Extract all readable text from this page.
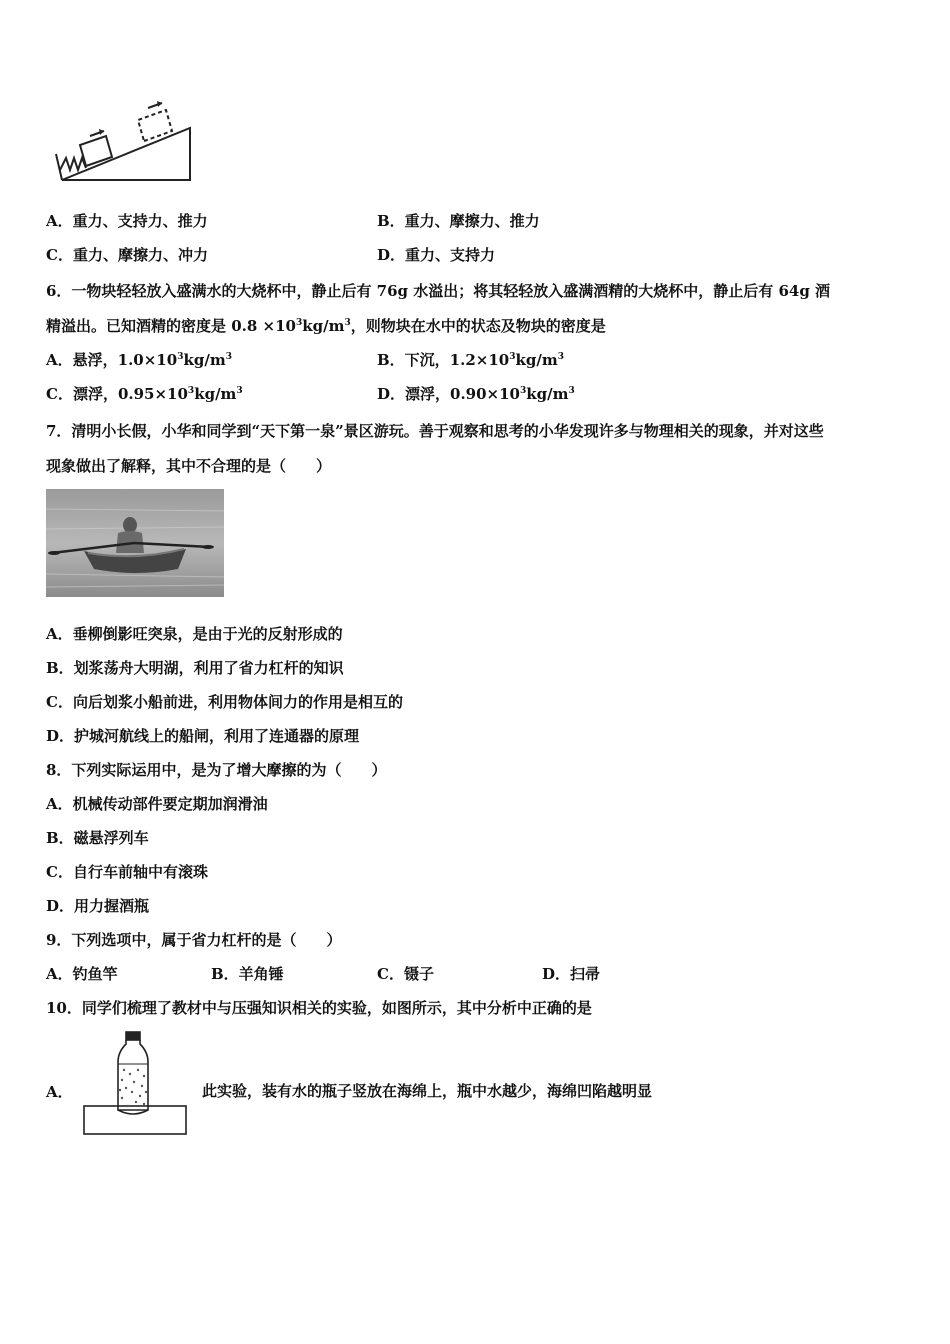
A．重力、支持力、推力	B．重力、摩擦力、推力
C．重力、摩擦力、冲力	D．重力、支持力
6．一物块轻轻放入盛满水的大烧杯中，静止后有 76g 水溢出；将其轻轻放入盛满酒精的大烧杯中，静止后有 64g 酒
精溢出。已知酒精的密度是 $0.8 \times 10^3kg/m^3$，则物块在水中的状态及物块的密度是
A．悬浮，$1.0\times 10^3kg/m^3$	B．下沉，$1.2\times 10^3kg/m^3$
C．漂浮，$0.95\times 10^3kg/m^3$	D．漂浮，$0.90\times 10^3kg/m^3$
7．清明小长假，小华和同学到“天下第一泉”景区游玩。善于观察和思考的小华发现许多与物理相关的现象，并对这些
现象做出了解释，其中不合理的是（　　）
A．垂柳倒影㕵突泉，是由于光的反射形成的
B．划浆荡舟大明湖，利用了省力杠杆的知识
C．向后划浆小船前进，利用物体间力的作用是相互的
D．护城河航线上的船闸，利用了连通器的原理
8．下列实际运用中，是为了增大摩擦的为（　　）
A．机械传动部件要定期加润滑油
B．磁悬浮列车
C．自行车前轴中有滚珠
D．用力握酒瓶
9．下列选项中，属于省力杠杆的是（　　）
A．钓鱼竿	B．羊角锤	C．镊子	D．扫帚
10．同学们梳理了教材中与压强知识相关的实验，如图所示，其中分析中正确的是
A．	此实验，装有水的瓶子竖放在海绵上，瓶中水越少，海绵凹陷越明显
